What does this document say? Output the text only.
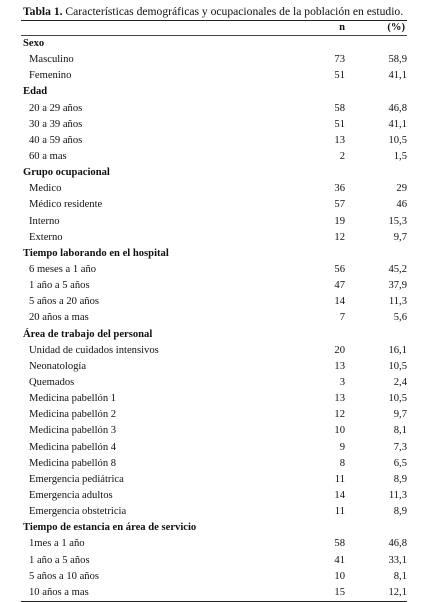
Tabla 1. Características demográficas y ocupacionales de la población en estudio.
n	(%)
Sexo
Masculino	73	58,9
Femenino	51	41,1
Edad
20 a 29 años	58	46,8
30 a 39 años	51	41,1
40 a 59 años	13	10,5
60 a mas	2	1,5
Grupo ocupacional
Medico	36	29
Médico residente	57	46
Interno	19	15,3
Externo	12	9,7
Tiempo laborando en el hospital
6 meses a 1 año	56	45,2
1 año a 5 años	47	37,9
5 años a 20 años	14	11,3
20 años a mas	7	5,6
Área de trabajo del personal
Unidad de cuidados intensivos	20	16,1
Neonatología	13	10,5
Quemados	3	2,4
Medicina pabellón 1	13	10,5
Medicina pabellón 2	12	9,7
Medicina pabellón 3	10	8,1
Medicina pabellón 4	9	7,3
Medicina pabellón 8	8	6,5
Emergencia pediátrica	11	8,9
Emergencia adultos	14	11,3
Emergencia obstetricia	11	8,9
Tiempo de estancia en área de servicio
1mes a 1 año	58	46,8
1 año a 5 años	41	33,1
5 años a 10 años	10	8,1
10 años a mas	15	12,1
